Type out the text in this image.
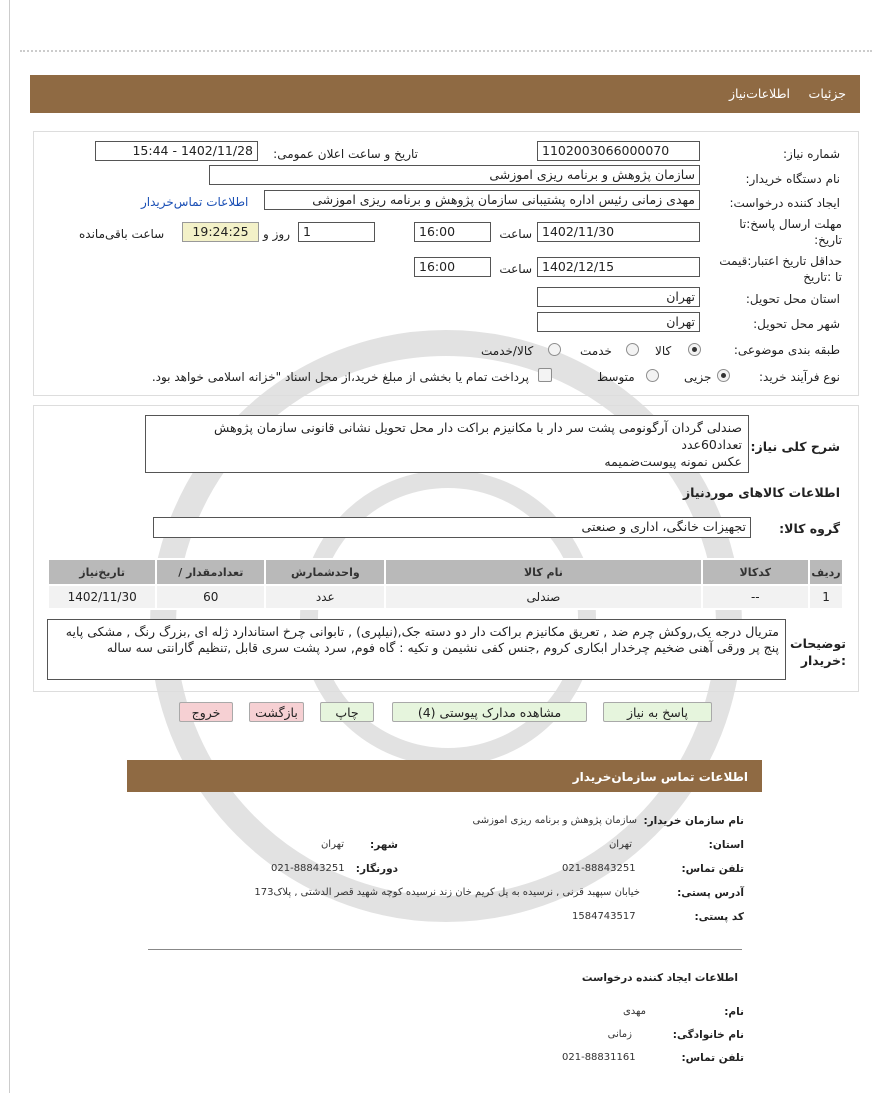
جزئیات
اطلاعات‌نیاز
شماره نیاز:
1102003066000070
تاریخ و ساعت اعلان عمومی:
1402/11/28 - 15:44
نام دستگاه خریدار:
سازمان پژوهش و برنامه ریزی اموزشی
ایجاد کننده درخواست:
مهدی زمانی رئیس اداره پشتیبانی سازمان پژوهش و برنامه ریزی اموزشی
اطلاعات تماس‌خریدار
مهلت ارسال پاسخ:تا
تاریخ:
1402/11/30
ساعت
16:00
1
روز و
19:24:25
ساعت باقی‌مانده
حداقل تاریخ اعتبار:قیمت
تا :تاریخ
1402/12/15
ساعت
16:00
استان محل تحویل:
تهران
شهر محل تحویل:
تهران
طبقه بندی موضوعی:
کالا
خدمت
کالا/خدمت
نوع فرآیند خرید:
جزیی
متوسط
پرداخت تمام یا بخشی از مبلغ خرید،از محل اسناد "خزانه اسلامی خواهد بود.
شرح کلی نیاز:
صندلی گردان آرگونومی پشت سر دار با مکانیزم براکت دار محل تحویل نشانی قانونی سازمان پژوهش
تعداد60عدد
عکس نمونه پیوست‌ضمیمه
اطلاعات کالاهای موردنیاز
گروه کالا:
تجهیزات خانگی، اداری و صنعتی
ردیف	کدکالا	نام کالا	واحدشمارش	تعدادمقدار /	تاریخ‌نیاز
1	--	صندلی	عدد	60	1402/11/30
توضیحات
:خریدار
متریال درجه یک,روکش چرم ضد , تعریق مکانیزم براکت دار دو دسته جک,(نیلپری) , تابوانی چرخ استاندارد ژله ای ,بزرگ رنگ , مشکی پایه پنج پر ورقی آهنی ضخیم چرخدار ابکاری کروم ,جنس کفی نشیمن و تکیه : گاه فوم, سرد پشت سری قابل ,تنظیم گارانتی سه ساله
پاسخ به نیاز
مشاهده مدارک پیوستی (4)
چاپ
بازگشت
خروج
اطلاعات تماس سازمان‌خریدار
نام سازمان خریدار:
سازمان پژوهش و برنامه ریزی اموزشی
استان:
تهران
شهر:
تهران
تلفن تماس:
021-88843251
دورنگار:
021-88843251
آدرس پستی:
خیابان سپهبد قرنی , نرسیده به پل کریم خان زند نرسیده کوچه شهید قصر الدشتی , پلاک173
کد پستی:
1584743517
اطلاعات ایجاد کننده درخواست
نام:
مهدی
نام خانوادگی:
زمانی
تلفن تماس:
021-88831161
